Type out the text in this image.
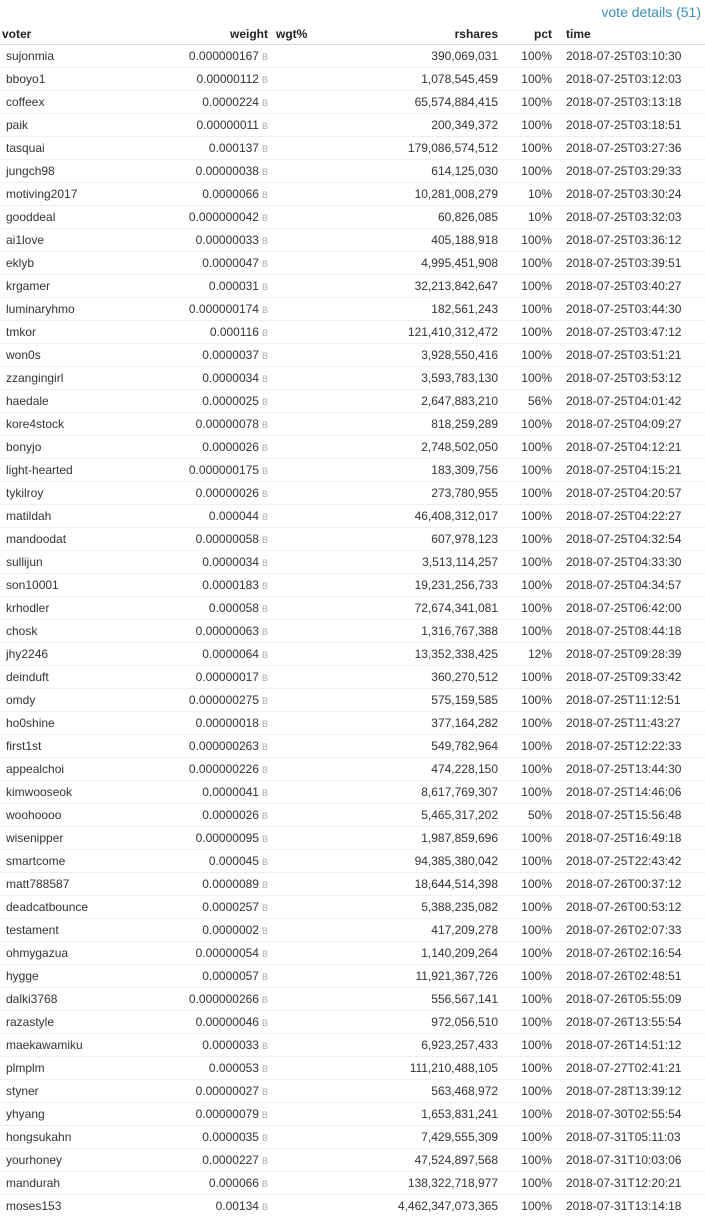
vote details (51)
voter	weight	wgt%	rshares	pct	time
sujonmia	0.000000167 B		390,069,031	100%	2018-07-25T03:10:30
bboyo1	0.00000112 B		1,078,545,459	100%	2018-07-25T03:12:03
coffeex	0.0000224 B		65,574,884,415	100%	2018-07-25T03:13:18
paik	0.00000011 B		200,349,372	100%	2018-07-25T03:18:51
tasquai	0.000137 B		179,086,574,512	100%	2018-07-25T03:27:36
jungch98	0.00000038 B		614,125,030	100%	2018-07-25T03:29:33
motiving2017	0.0000066 B		10,281,008,279	10%	2018-07-25T03:30:24
gooddeal	0.000000042 B		60,826,085	10%	2018-07-25T03:32:03
ai1love	0.00000033 B		405,188,918	100%	2018-07-25T03:36:12
eklyb	0.0000047 B		4,995,451,908	100%	2018-07-25T03:39:51
krgamer	0.000031 B		32,213,842,647	100%	2018-07-25T03:40:27
luminaryhmo	0.000000174 B		182,561,243	100%	2018-07-25T03:44:30
tmkor	0.000116 B		121,410,312,472	100%	2018-07-25T03:47:12
won0s	0.0000037 B		3,928,550,416	100%	2018-07-25T03:51:21
zzangingirl	0.0000034 B		3,593,783,130	100%	2018-07-25T03:53:12
haedale	0.0000025 B		2,647,883,210	56%	2018-07-25T04:01:42
kore4stock	0.00000078 B		818,259,289	100%	2018-07-25T04:09:27
bonyjo	0.0000026 B		2,748,502,050	100%	2018-07-25T04:12:21
light-hearted	0.000000175 B		183,309,756	100%	2018-07-25T04:15:21
tykilroy	0.00000026 B		273,780,955	100%	2018-07-25T04:20:57
matildah	0.000044 B		46,408,312,017	100%	2018-07-25T04:22:27
mandoodat	0.00000058 B		607,978,123	100%	2018-07-25T04:32:54
sullijun	0.0000034 B		3,513,114,257	100%	2018-07-25T04:33:30
son10001	0.0000183 B		19,231,256,733	100%	2018-07-25T04:34:57
krhodler	0.000058 B		72,674,341,081	100%	2018-07-25T06:42:00
chosk	0.00000063 B		1,316,767,388	100%	2018-07-25T08:44:18
jhy2246	0.0000064 B		13,352,338,425	12%	2018-07-25T09:28:39
deinduft	0.00000017 B		360,270,512	100%	2018-07-25T09:33:42
omdy	0.000000275 B		575,159,585	100%	2018-07-25T11:12:51
ho0shine	0.00000018 B		377,164,282	100%	2018-07-25T11:43:27
first1st	0.000000263 B		549,782,964	100%	2018-07-25T12:22:33
appealchoi	0.000000226 B		474,228,150	100%	2018-07-25T13:44:30
kimwooseok	0.0000041 B		8,617,769,307	100%	2018-07-25T14:46:06
woohoooo	0.0000026 B		5,465,317,202	50%	2018-07-25T15:56:48
wisenipper	0.00000095 B		1,987,859,696	100%	2018-07-25T16:49:18
smartcome	0.000045 B		94,385,380,042	100%	2018-07-25T22:43:42
matt788587	0.0000089 B		18,644,514,398	100%	2018-07-26T00:37:12
deadcatbounce	0.0000257 B		5,388,235,082	100%	2018-07-26T00:53:12
testament	0.0000002 B		417,209,278	100%	2018-07-26T02:07:33
ohmygazua	0.00000054 B		1,140,209,264	100%	2018-07-26T02:16:54
hygge	0.0000057 B		11,921,367,726	100%	2018-07-26T02:48:51
dalki3768	0.000000266 B		556,567,141	100%	2018-07-26T05:55:09
razastyle	0.00000046 B		972,056,510	100%	2018-07-26T13:55:54
maekawamiku	0.0000033 B		6,923,257,433	100%	2018-07-26T14:51:12
plmplm	0.000053 B		111,210,488,105	100%	2018-07-27T02:41:21
styner	0.00000027 B		563,468,972	100%	2018-07-28T13:39:12
yhyang	0.00000079 B		1,653,831,241	100%	2018-07-30T02:55:54
hongsukahn	0.0000035 B		7,429,555,309	100%	2018-07-31T05:11:03
yourhoney	0.0000227 B		47,524,897,568	100%	2018-07-31T10:03:06
mandurah	0.000066 B		138,322,718,977	100%	2018-07-31T12:20:21
moses153	0.00134 B		4,462,347,073,365	100%	2018-07-31T13:14:18
